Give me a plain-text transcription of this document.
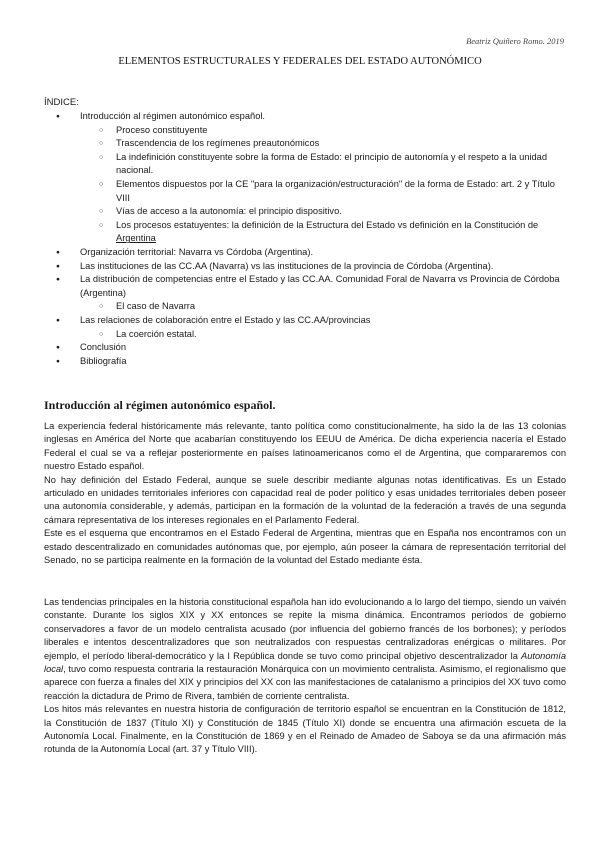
Beatriz Quiñero Romo. 2019
ELEMENTOS ESTRUCTURALES Y FEDERALES DEL ESTADO AUTONÓMICO
ÍNDICE:
● Introducción al régimen autonómico español.
○ Proceso constituyente
○ Trascendencia de los regímenes preautonómicos
○ La indefinición constituyente sobre la forma de Estado: el principio de autonomía y el respeto a la unidad nacional.
○ Elementos dispuestos por la CE "para la organización/estructuración" de la forma de Estado: art. 2 y Título VIII
○ Vías de acceso a la autonomía: el principio dispositivo.
○ Los procesos estatuyentes: la definición de la Estructura del Estado vs definición en la Constitución de Argentina
● Organización territorial: Navarra vs Córdoba (Argentina).
● Las instituciones de las CC.AA (Navarra) vs las instituciones de la provincia de Córdoba (Argentina).
● La distribución de competencias entre el Estado y las CC.AA. Comunidad Foral de Navarra vs Provincia de Córdoba (Argentina)
○ El caso de Navarra
● Las relaciones de colaboración entre el Estado y las CC.AA/provincias
○ La coerción estatal.
● Conclusión
● Bibliografía
Introducción al régimen autonómico español.

La experiencia federal históricamente más relevante, tanto política como constitucionalmente, ha sido la de las 13 colonias inglesas en América del Norte que acabarían constituyendo los EEUU de América. De dicha experiencia nacería el Estado Federal el cual se va a reflejar posteriormente en países latinoamericanos como el de Argentina, que compararemos con nuestro Estado español.

No hay definición del Estado Federal, aunque se suele describir mediante algunas notas identificativas. Es un Estado articulado en unidades territoriales inferiores con capacidad real de poder político y esas unidades territoriales deben poseer una autonomía considerable, y además, participan en la formación de la voluntad de la federación a través de una segunda cámara representativa de los intereses regionales en el Parlamento Federal.

Este es el esquema que encontramos en el Estado Federal de Argentina, mientras que en España nos encontramos con un estado descentralizado en comunidades autónomas que, por ejemplo, aún poseer la cámara de representación territorial del Senado, no se participa realmente en la formación de la voluntad del Estado mediante ésta.

Las tendencias principales en la historia constitucional española han ido evolucionando a lo largo del tiempo, siendo un vaivén constante. Durante los siglos XIX y XX entonces se repite la misma dinámica. Encontramos períodos de gobierno conservadores a favor de un modelo centralista acusado (por influencia del gobierno francés de los borbones); y períodos liberales e intentos descentralizadores que son neutralizados con respuestas centralizadoras enérgicas o militares. Por ejemplo, el período liberal-democrático y la I República donde se tuvo como principal objetivo descentralizador la Autonomía local, tuvo como respuesta contraria la restauración Monárquica con un movimiento centralista. Asimismo, el regionalismo que aparece con fuerza a finales del XIX y principios del XX con las manifestaciones de catalanismo a principios del XX tuvo como reacción la dictadura de Primo de Rivera, también de corriente centralista.

Los hitos más relevantes en nuestra historia de configuración de territorio español se encuentran en la Constitución de 1812, la Constitución de 1837 (Título XI) y Constitución de 1845 (Título XI) donde se encuentra una afirmación escueta de la Autonomía Local. Finalmente, en la Constitución de 1869 y en el Reinado de Amadeo de Saboya se da una afirmación más rotunda de la Autonomía Local (art. 37 y Título VIII).
